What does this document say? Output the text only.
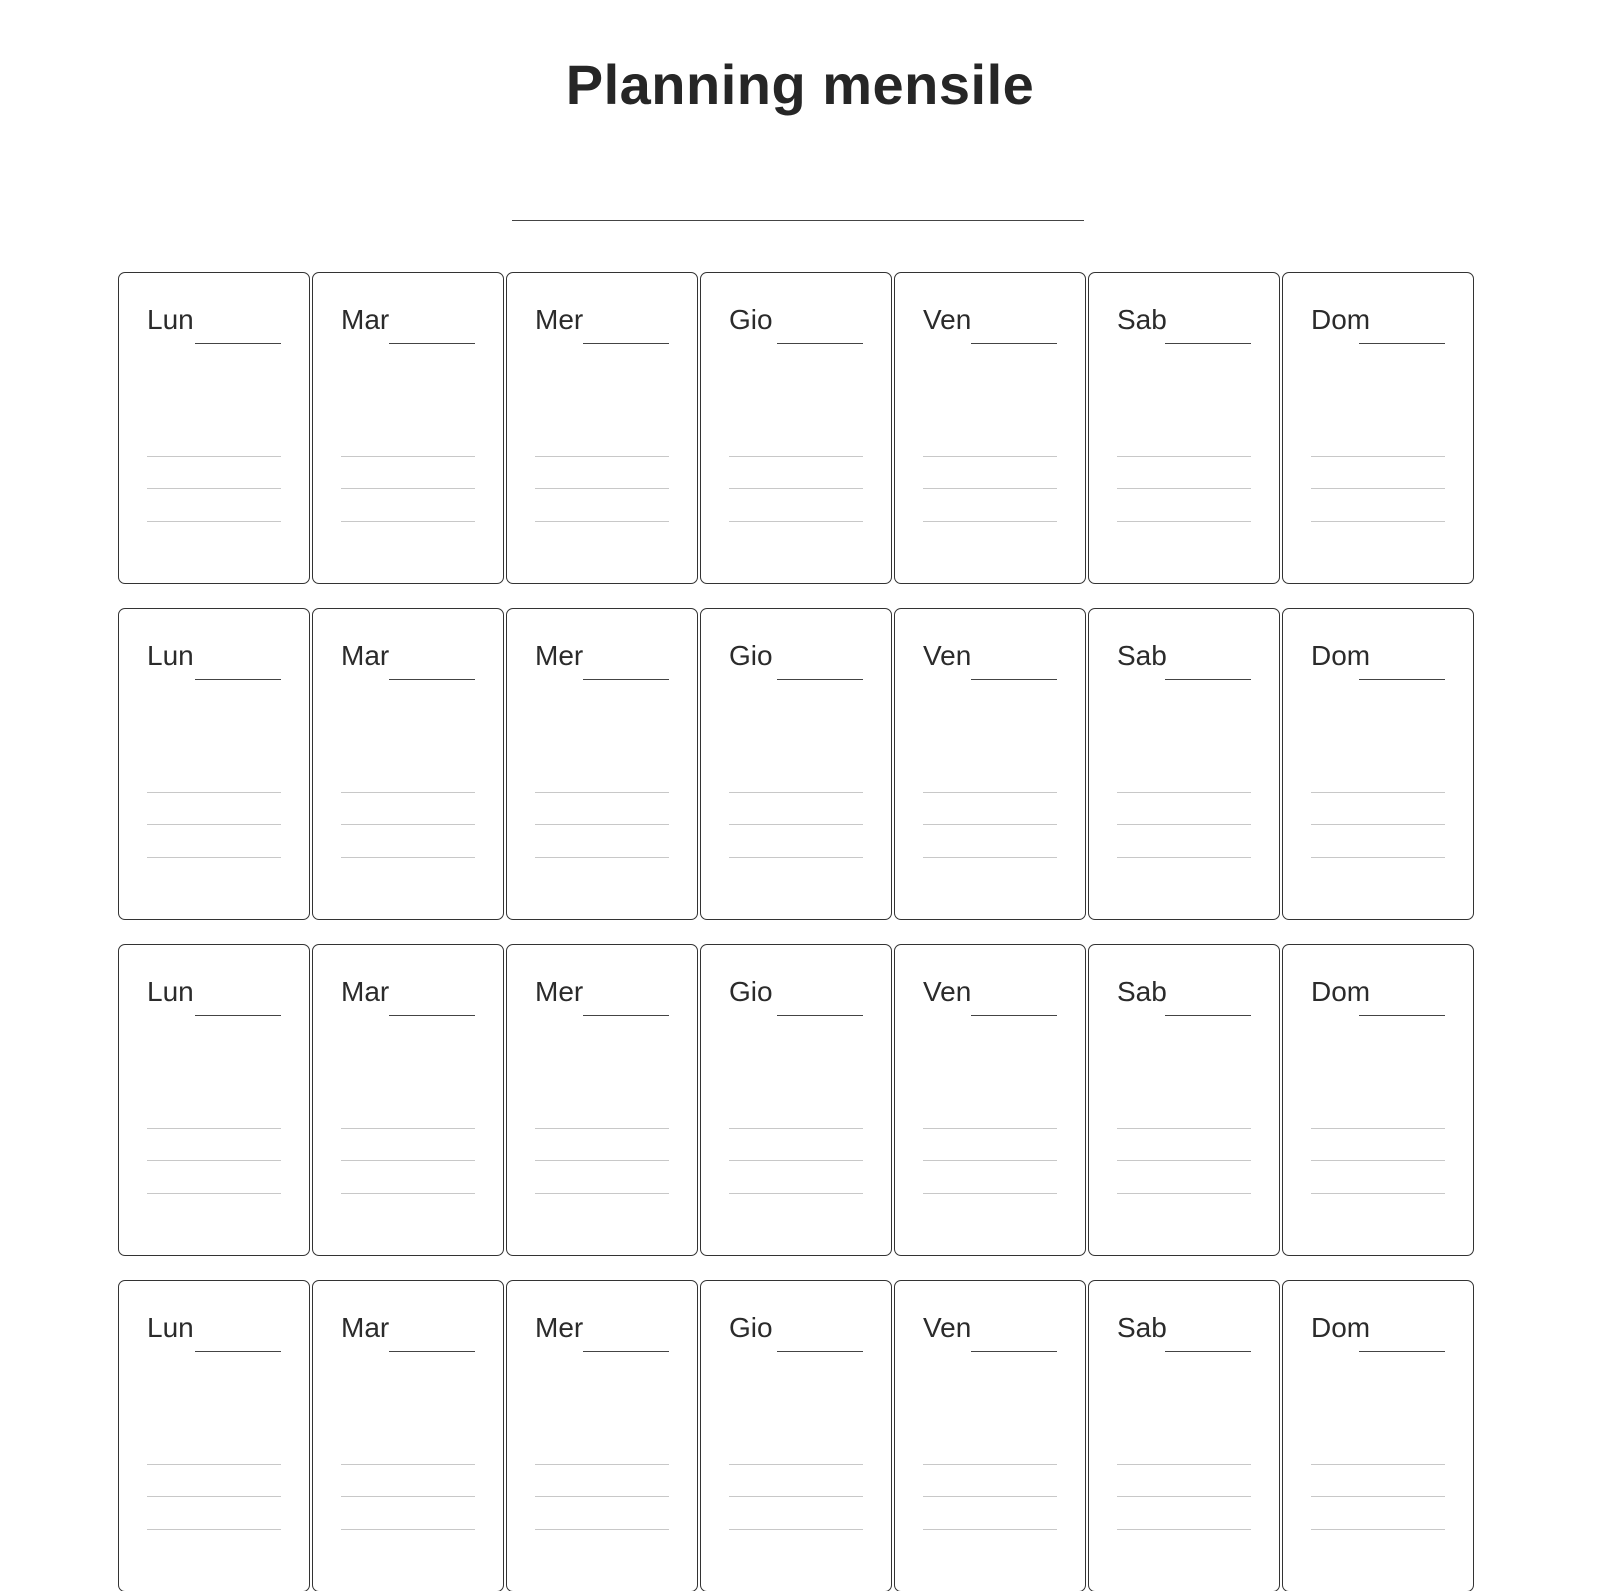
Planning mensile
Lun	Mar	Mer	Gio	Ven	Sab	Dom
Lun	Mar	Mer	Gio	Ven	Sab	Dom
Lun	Mar	Mer	Gio	Ven	Sab	Dom
Lun	Mar	Mer	Gio	Ven	Sab	Dom
